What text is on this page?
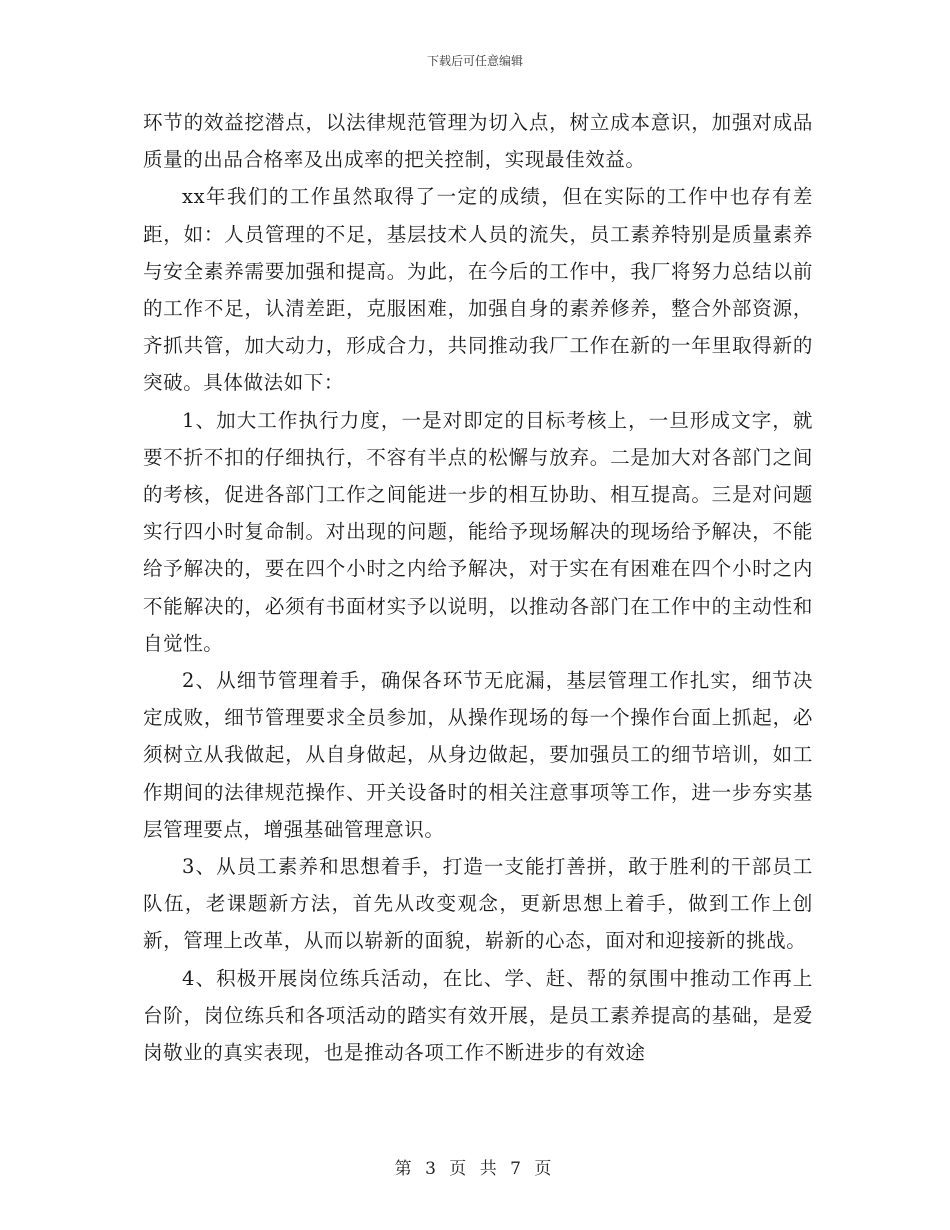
下载后可任意编辑

环节的效益挖潜点，以法律规范管理为切入点，树立成本意识，加强对成品质量的出品合格率及出成率的把关控制，实现最佳效益。

xx年我们的工作虽然取得了一定的成绩，但在实际的工作中也存有差距，如：人员管理的不足，基层技术人员的流失，员工素养特别是质量素养与安全素养需要加强和提高。为此，在今后的工作中，我厂将努力总结以前的工作不足，认清差距，克服困难，加强自身的素养修养，整合外部资源，齐抓共管，加大动力，形成合力，共同推动我厂工作在新的一年里取得新的突破。具体做法如下：

1、加大工作执行力度，一是对即定的目标考核上，一旦形成文字，就要不折不扣的仔细执行，不容有半点的松懈与放弃。二是加大对各部门之间的考核，促进各部门工作之间能进一步的相互协助、相互提高。三是对问题实行四小时复命制。对出现的问题，能给予现场解决的现场给予解决，不能给予解决的，要在四个小时之内给予解决，对于实在有困难在四个小时之内不能解决的，必须有书面材实予以说明，以推动各部门在工作中的主动性和自觉性。

2、从细节管理着手，确保各环节无庇漏，基层管理工作扎实，细节决定成败，细节管理要求全员参加，从操作现场的每一个操作台面上抓起，必须树立从我做起，从自身做起，从身边做起，要加强员工的细节培训，如工作期间的法律规范操作、开关设备时的相关注意事项等工作，进一步夯实基层管理要点，增强基础管理意识。

3、从员工素养和思想着手，打造一支能打善拼，敢于胜利的干部员工队伍，老课题新方法，首先从改变观念，更新思想上着手，做到工作上创新，管理上改革，从而以崭新的面貌，崭新的心态，面对和迎接新的挑战。

4、积极开展岗位练兵活动，在比、学、赶、帮的氛围中推动工作再上台阶，岗位练兵和各项活动的踏实有效开展，是员工素养提高的基础，是爱岗敬业的真实表现，也是推动各项工作不断进步的有效途

第 3 页 共 7 页
